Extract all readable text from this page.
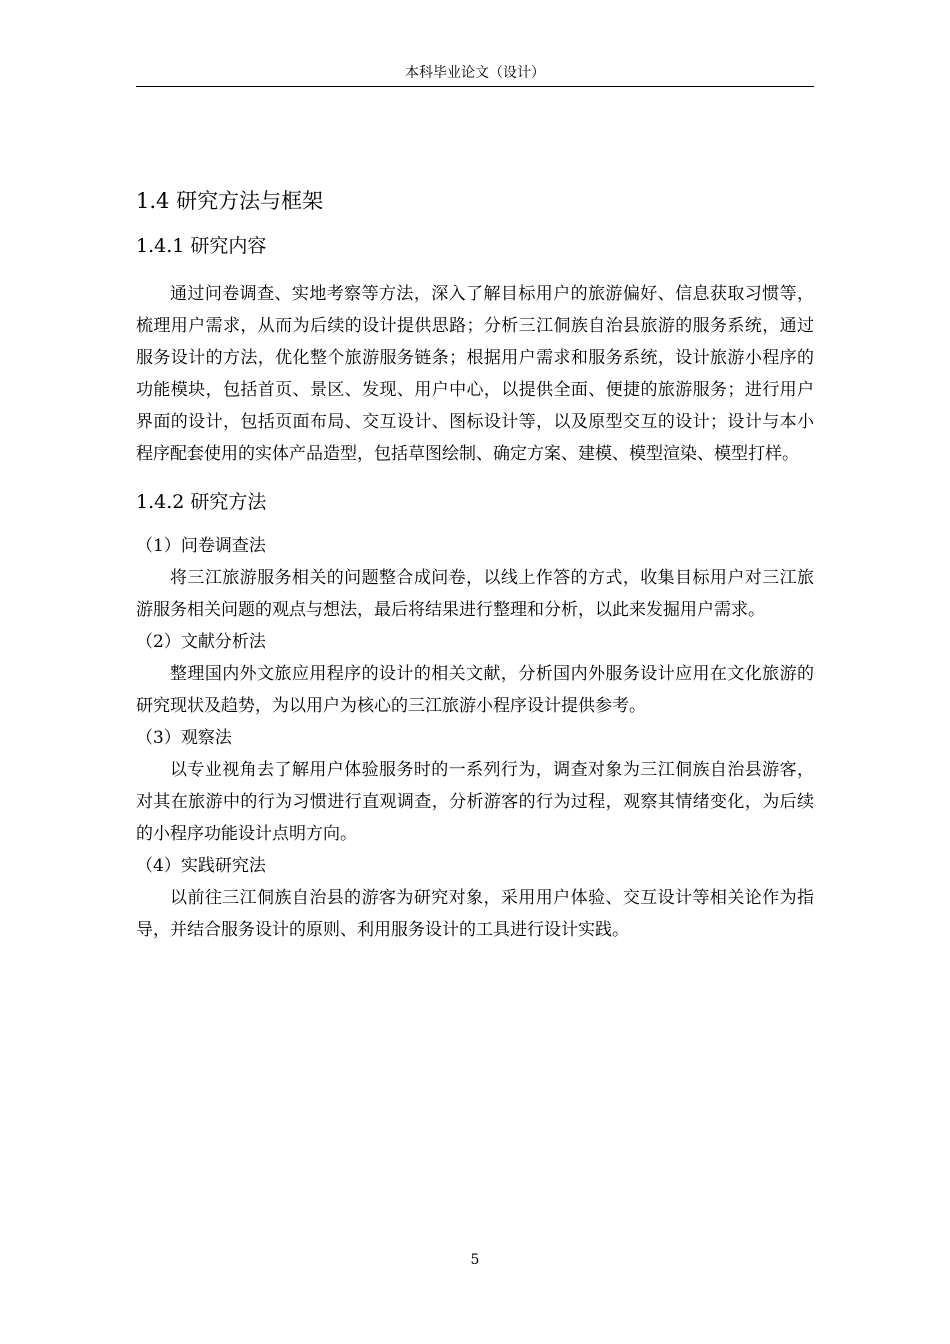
本科毕业论文（设计）
1.4 研究方法与框架
1.4.1 研究内容

通过问卷调查、实地考察等方法，深入了解目标用户的旅游偏好、信息获取习惯等，梳理用户需求，从而为后续的设计提供思路；分析三江侗族自治县旅游的服务系统，通过服务设计的方法，优化整个旅游服务链条；根据用户需求和服务系统，设计旅游小程序的功能模块，包括首页、景区、发现、用户中心，以提供全面、便捷的旅游服务；进行用户界面的设计，包括页面布局、交互设计、图标设计等，以及原型交互的设计；设计与本小程序配套使用的实体产品造型，包括草图绘制、确定方案、建模、模型渲染、模型打样。

1.4.2 研究方法

（1）问卷调查法

将三江旅游服务相关的问题整合成问卷，以线上作答的方式，收集目标用户对三江旅游服务相关问题的观点与想法，最后将结果进行整理和分析，以此来发掘用户需求。

（2）文献分析法

整理国内外文旅应用程序的设计的相关文献，分析国内外服务设计应用在文化旅游的研究现状及趋势，为以用户为核心的三江旅游小程序设计提供参考。

（3）观察法

以专业视角去了解用户体验服务时的一系列行为，调查对象为三江侗族自治县游客，对其在旅游中的行为习惯进行直观调查，分析游客的行为过程，观察其情绪变化，为后续的小程序功能设计点明方向。

（4）实践研究法

以前往三江侗族自治县的游客为研究对象，采用用户体验、交互设计等相关论作为指导，并结合服务设计的原则、利用服务设计的工具进行设计实践。

5
